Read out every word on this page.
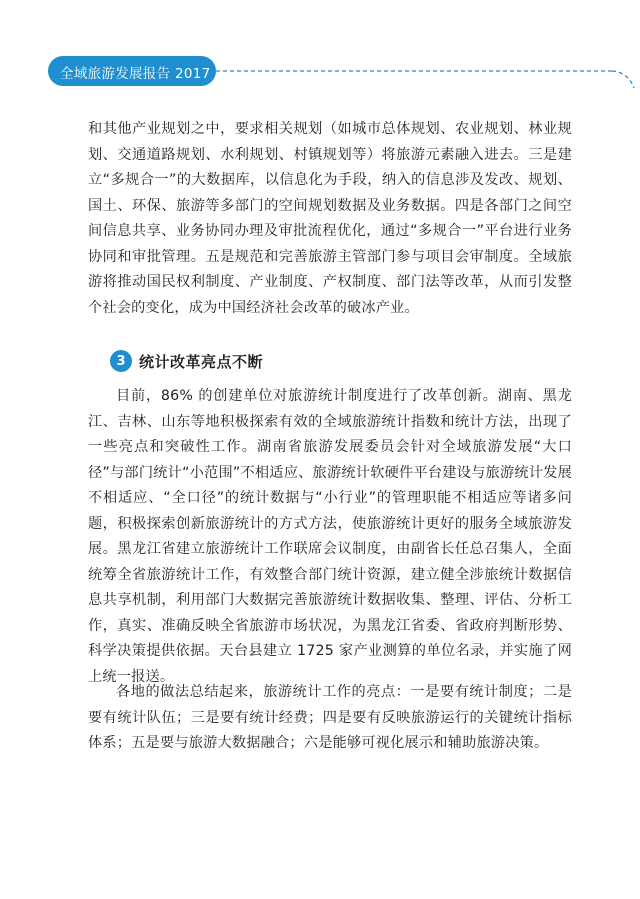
全域旅游发展报告 2017

和其他产业规划之中，要求相关规划（如城市总体规划、农业规划、林业规划、交通道路规划、水利规划、村镇规划等）将旅游元素融入进去。三是建立“多规合一”的大数据库，以信息化为手段，纳入的信息涉及发改、规划、国土、环保、旅游等多部门的空间规划数据及业务数据。四是各部门之间空间信息共享、业务协同办理及审批流程优化，通过“多规合一”平台进行业务协同和审批管理。五是规范和完善旅游主管部门参与项目会审制度。全域旅游将推动国民权利制度、产业制度、产权制度、部门法等改革，从而引发整个社会的变化，成为中国经济社会改革的破冰产业。

3 统计改革亮点不断

目前，86% 的创建单位对旅游统计制度进行了改革创新。湖南、黑龙江、吉林、山东等地积极探索有效的全域旅游统计指数和统计方法，出现了一些亮点和突破性工作。湖南省旅游发展委员会针对全域旅游发展“大口径”与部门统计“小范围”不相适应、旅游统计软硬件平台建设与旅游统计发展不相适应、“全口径”的统计数据与“小行业”的管理职能不相适应等诸多问题，积极探索创新旅游统计的方式方法，使旅游统计更好的服务全域旅游发展。黑龙江省建立旅游统计工作联席会议制度，由副省长任总召集人，全面统筹全省旅游统计工作，有效整合部门统计资源，建立健全涉旅统计数据信息共享机制，利用部门大数据完善旅游统计数据收集、整理、评估、分析工作，真实、准确反映全省旅游市场状况，为黑龙江省委、省政府判断形势、科学决策提供依据。天台县建立 1725 家产业测算的单位名录，并实施了网上统一报送。

各地的做法总结起来，旅游统计工作的亮点：一是要有统计制度；二是要有统计队伍；三是要有统计经费；四是要有反映旅游运行的关键统计指标体系；五是要与旅游大数据融合；六是能够可视化展示和辅助旅游决策。
